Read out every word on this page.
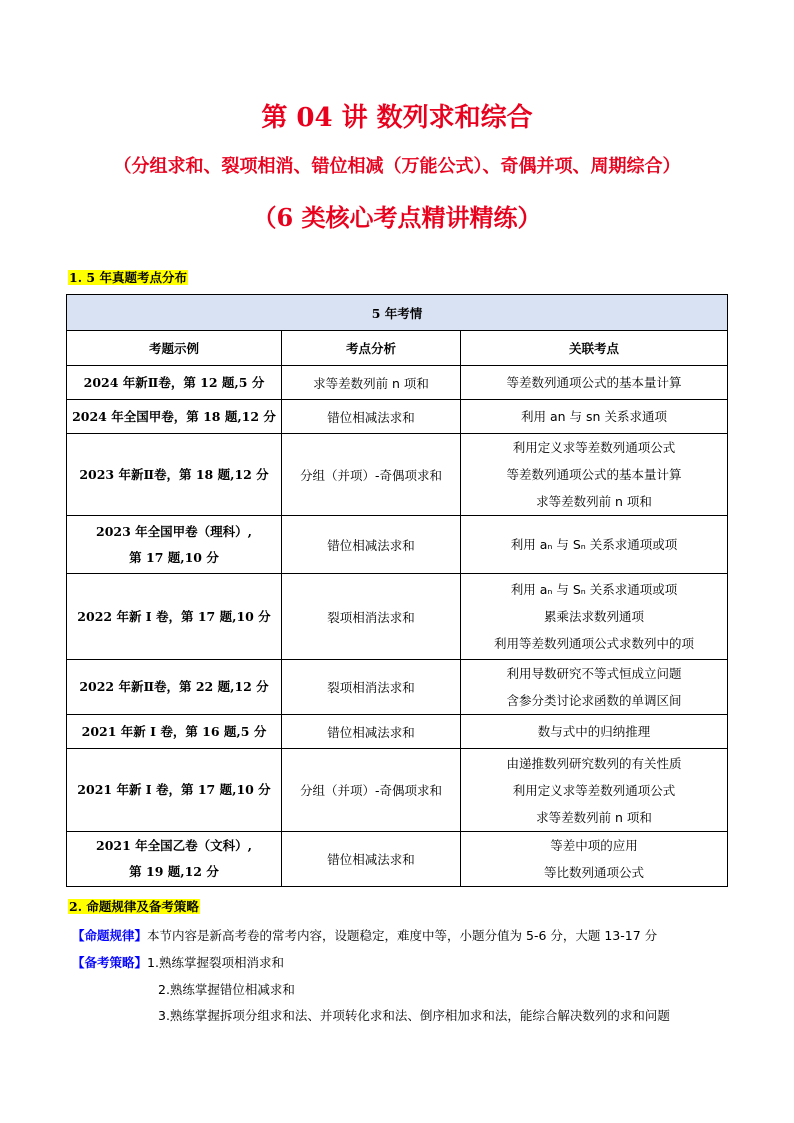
第 04 讲 数列求和综合
（分组求和、裂项相消、错位相减（万能公式）、奇偶并项、周期综合）
（6 类核心考点精讲精练）
1. 5 年真题考点分布
5 年考情		
考题示例	考点分析	关联考点

2024 年新Ⅱ卷，第 12 题,5 分	求等差数列前 n 项和	等差数列通项公式的基本量计算

2024 年全国甲卷，第 18 题,12 分	错位相减法求和	利用 an 与 sn 关系求通项

2023 年新Ⅱ卷，第 18 题,12 分	分组（并项）-奇偶项求和	利用定义求等差数列通项公式
等差数列通项公式的基本量计算
求等差数列前 n 项和

2023 年全国甲卷（理科）,
第 17 题,10 分	错位相减法求和	利用 aₙ 与 Sₙ 关系求通项或项

2022 年新 I 卷，第 17 题,10 分	裂项相消法求和	利用 aₙ 与 Sₙ 关系求通项或项
累乘法求数列通项
利用等差数列通项公式求数列中的项

2022 年新Ⅱ卷，第 22 题,12 分	裂项相消法求和	利用导数研究不等式恒成立问题
含参分类讨论求函数的单调区间

2021 年新 I 卷，第 16 题,5 分	错位相减法求和	数与式中的归纳推理

2021 年新 I 卷，第 17 题,10 分	分组（并项）-奇偶项求和	由递推数列研究数列的有关性质
利用定义求等差数列通项公式
求等差数列前 n 项和

2021 年全国乙卷（文科）,
第 19 题,12 分	错位相减法求和	等差中项的应用
等比数列通项公式
2. 命题规律及备考策略
【命题规律】本节内容是新高考卷的常考内容，设题稳定，难度中等，小题分值为 5-6 分，大题 13-17 分
【备考策略】1.熟练掌握裂项相消求和
2.熟练掌握错位相减求和
3.熟练掌握拆项分组求和法、并项转化求和法、倒序相加求和法，能综合解决数列的求和问题
